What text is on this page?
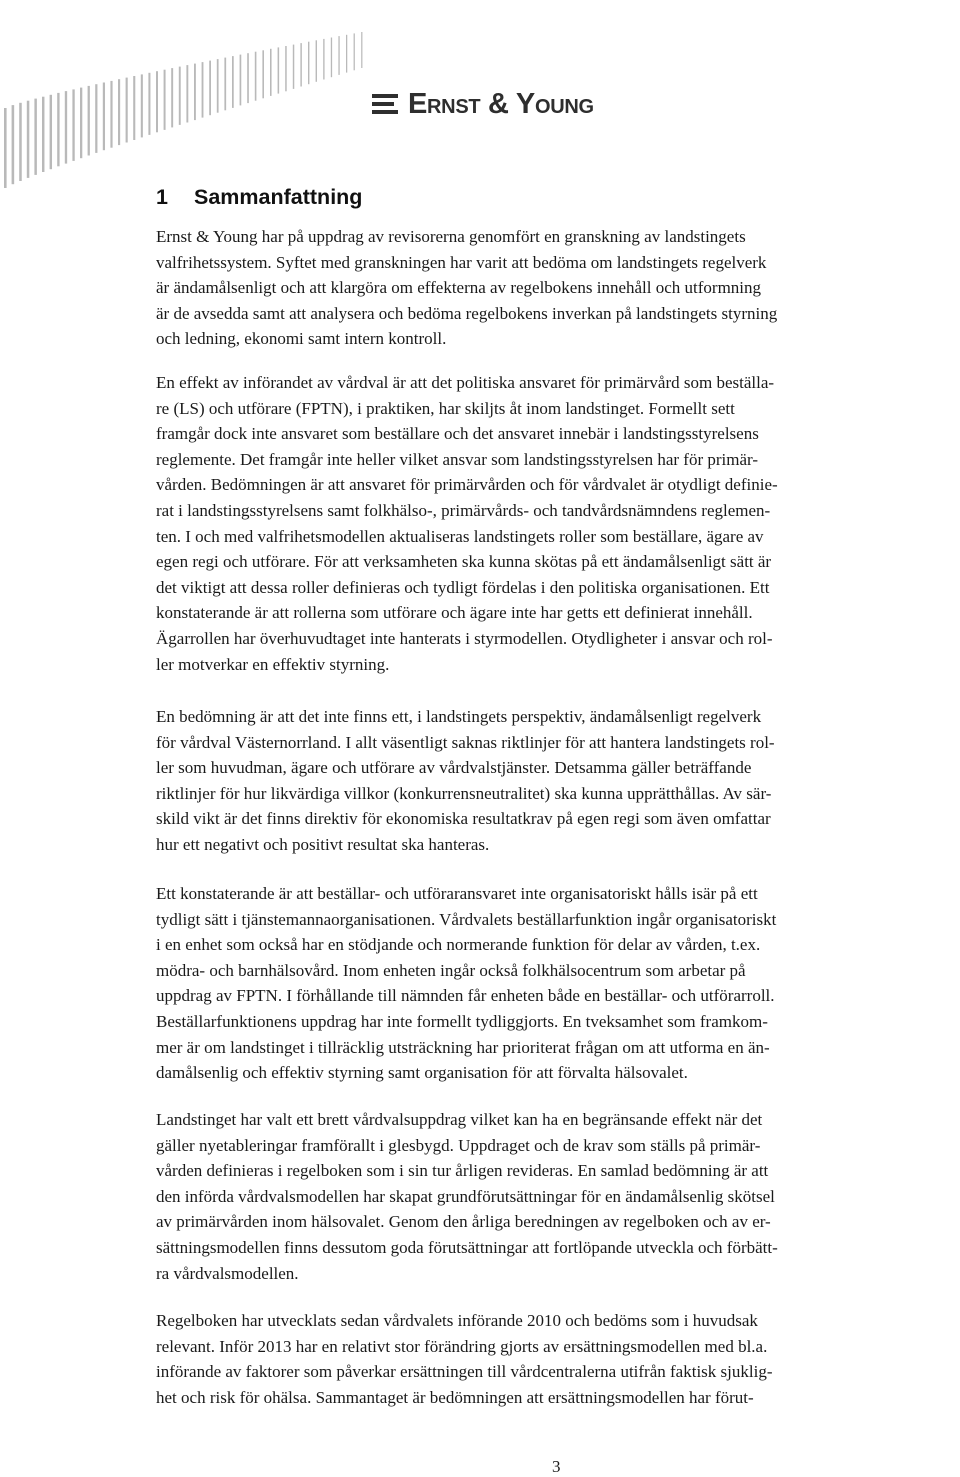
Ernst & Young
1 Sammanfattning

Ernst & Young har på uppdrag av revisorerna genomfört en granskning av landstingets

valfrihetssystem. Syftet med granskningen har varit att bedöma om landstingets regelverk

är ändamålsenligt och att klargöra om effekterna av regelbokens innehåll och utformning

är de avsedda samt att analysera och bedöma regelbokens inverkan på landstingets styrning

och ledning, ekonomi samt intern kontroll.

En effekt av införandet av vårdval är att det politiska ansvaret för primärvård som beställa-

re (LS) och utförare (FPTN), i praktiken, har skiljts åt inom landstinget. Formellt sett

framgår dock inte ansvaret som beställare och det ansvaret innebär i landstingsstyrelsens

reglemente. Det framgår inte heller vilket ansvar som landstingsstyrelsen har för primär-

vården. Bedömningen är att ansvaret för primärvården och för vårdvalet är otydligt definie-

rat i landstingsstyrelsens samt folkhälso-, primärvårds- och tandvårdsnämndens reglemen-

ten. I och med valfrihetsmodellen aktualiseras landstingets roller som beställare, ägare av

egen regi och utförare. För att verksamheten ska kunna skötas på ett ändamålsenligt sätt är

det viktigt att dessa roller definieras och tydligt fördelas i den politiska organisationen. Ett

konstaterande är att rollerna som utförare och ägare inte har getts ett definierat innehåll.

Ägarrollen har överhuvudtaget inte hanterats i styrmodellen. Otydligheter i ansvar och rol-

ler motverkar en effektiv styrning.

En bedömning är att det inte finns ett, i landstingets perspektiv, ändamålsenligt regelverk

för vårdval Västernorrland. I allt väsentligt saknas riktlinjer för att hantera landstingets rol-

ler som huvudman, ägare och utförare av vårdvalstjänster. Detsamma gäller beträffande

riktlinjer för hur likvärdiga villkor (konkurrensneutralitet) ska kunna upprätthållas. Av sär-

skild vikt är det finns direktiv för ekonomiska resultatkrav på egen regi som även omfattar

hur ett negativt och positivt resultat ska hanteras.

Ett konstaterande är att beställar- och utföraransvaret inte organisatoriskt hålls isär på ett

tydligt sätt i tjänstemannaorganisationen. Vårdvalets beställarfunktion ingår organisatoriskt

i en enhet som också har en stödjande och normerande funktion för delar av vården, t.ex.

mödra- och barnhälsovård. Inom enheten ingår också folkhälsocentrum som arbetar på

uppdrag av FPTN. I förhållande till nämnden får enheten både en beställar- och utförarroll.

Beställarfunktionens uppdrag har inte formellt tydliggjorts. En tveksamhet som framkom-

mer är om landstinget i tillräcklig utsträckning har prioriterat frågan om att utforma en än-

damålsenlig och effektiv styrning samt organisation för att förvalta hälsovalet.

Landstinget har valt ett brett vårdvalsuppdrag vilket kan ha en begränsande effekt när det

gäller nyetableringar framförallt i glesbygd. Uppdraget och de krav som ställs på primär-

vården definieras i regelboken som i sin tur årligen revideras. En samlad bedömning är att

den införda vårdvalsmodellen har skapat grundförutsättningar för en ändamålsenlig skötsel

av primärvården inom hälsovalet. Genom den årliga beredningen av regelboken och av er-

sättningsmodellen finns dessutom goda förutsättningar att fortlöpande utveckla och förbätt-

ra vårdvalsmodellen.

Regelboken har utvecklats sedan vårdvalets införande 2010 och bedöms som i huvudsak

relevant. Inför 2013 har en relativt stor förändring gjorts av ersättningsmodellen med bl.a.

införande av faktorer som påverkar ersättningen till vårdcentralerna utifrån faktisk sjuklig-

het och risk för ohälsa. Sammantaget är bedömningen att ersättningsmodellen har förut-

3
